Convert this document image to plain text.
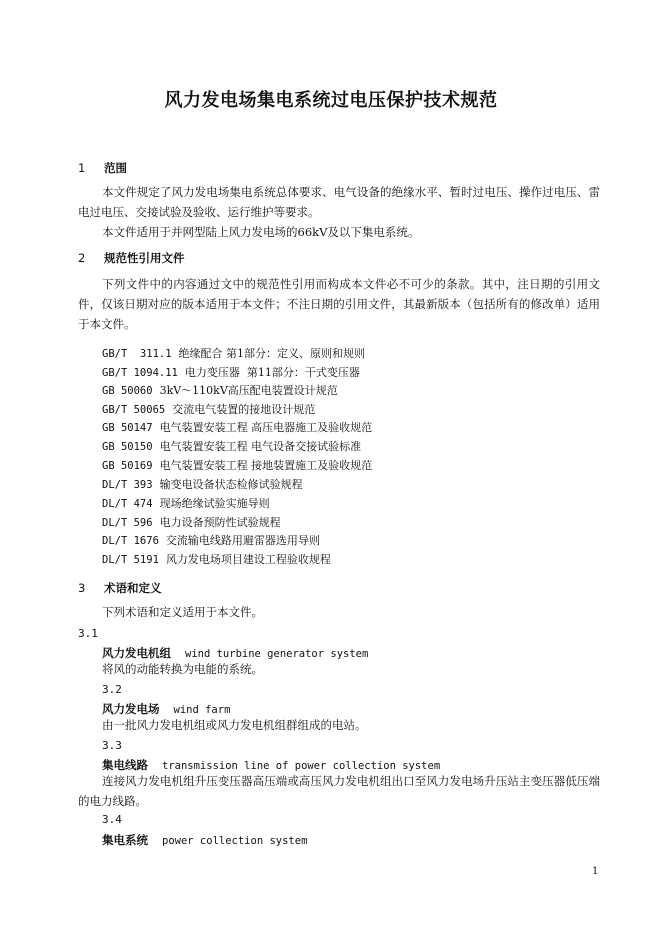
风力发电场集电系统过电压保护技术规范
1 范围
本文件规定了风力发电场集电系统总体要求、电气设备的绝缘水平、暂时过电压、操作过电压、雷电过电压、交接试验及验收、运行维护等要求。
本文件适用于并网型陆上风力发电场的66kV及以下集电系统。
2 规范性引用文件
下列文件中的内容通过文中的规范性引用而构成本文件必不可少的条款。其中，注日期的引用文件，仅该日期对应的版本适用于本文件；不注日期的引用文件，其最新版本（包括所有的修改单）适用于本文件。
GB/T  311.1 绝缘配合 第1部分：定义、原则和规则
GB/T 1094.11 电力变压器  第11部分：干式变压器
GB 50060 3kV～110kV高压配电装置设计规范
GB/T 50065 交流电气装置的接地设计规范
GB 50147 电气装置安装工程 高压电器施工及验收规范
GB 50150 电气装置安装工程 电气设备交接试验标准
GB 50169 电气装置安装工程 接地装置施工及验收规范
DL/T 393 输变电设备状态检修试验规程
DL/T 474 现场绝缘试验实施导则
DL/T 596 电力设备预防性试验规程
DL/T 1676 交流输电线路用避雷器选用导则
DL/T 5191 风力发电场项目建设工程验收规程
3 术语和定义
下列术语和定义适用于本文件。
3.1
风力发电机组 wind turbine generator system
将风的动能转换为电能的系统。
3.2
风力发电场 wind farm
由一批风力发电机组或风力发电机组群组成的电站。
3.3
集电线路 transmission line of power collection system
连接风力发电机组升压变压器高压端或高压风力发电机组出口至风力发电场升压站主变压器低压端的电力线路。
3.4
集电系统 power collection system
1
